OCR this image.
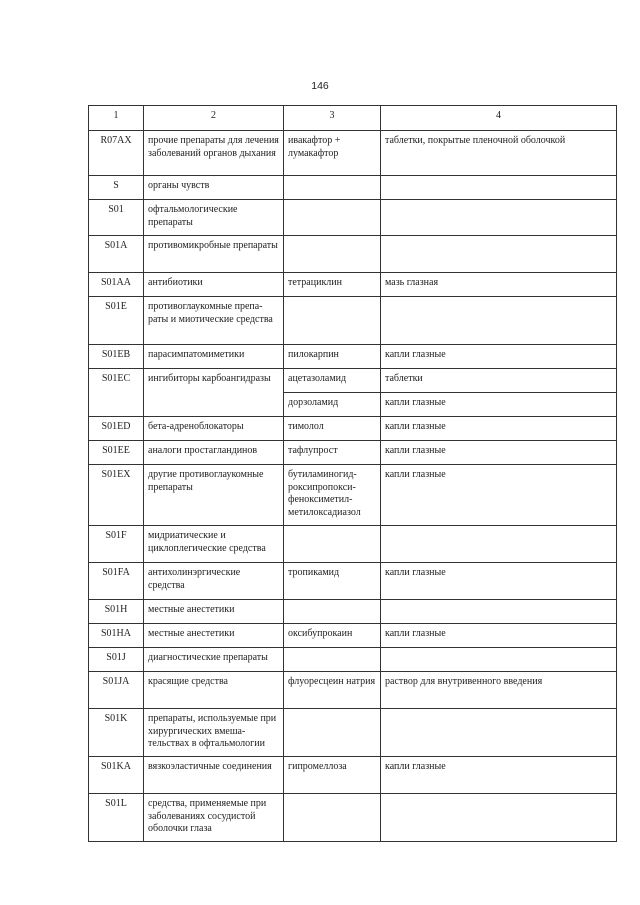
146
1	2	3	4
R07AX	прочие препараты для лечения заболеваний органов дыхания	ивакафтор + лумакафтор	таблетки, покрытые пленочной оболочкой
S	органы чувств		
S01	офтальмологические препараты		
S01A	противомикробные препараты		
S01AA	антибиотики	тетрациклин	мазь глазная
S01E	противоглаукомные препа-раты и миотические средства		
S01EB	парасимпатомиметики	пилокарпин	капли глазные
S01EC	ингибиторы карбоангидразы	ацетазоламид	таблетки
		дорзоламид	капли глазные
S01ED	бета-адреноблокаторы	тимолол	капли глазные
S01EE	аналоги простагландинов	тафлупрост	капли глазные
S01EX	другие противоглаукомные препараты	бутиламиногид-роксипропокси-феноксиметил-метилоксадиазол	капли глазные
S01F	мидриатические и циклоплегические средства		
S01FA	антихолинэргические средства	тропикамид	капли глазные
S01H	местные анестетики		
S01HA	местные анестетики	оксибупрокаин	капли глазные
S01J	диагностические препараты		
S01JA	красящие средства	флуоресцеин натрия	раствор для внутривенного введения
S01K	препараты, используемые при хирургических вмеша-тельствах в офтальмологии		
S01KA	вязкоэластичные соединения	гипромеллоза	капли глазные
S01L	средства, применяемые при заболеваниях сосудистой оболочки глаза		
